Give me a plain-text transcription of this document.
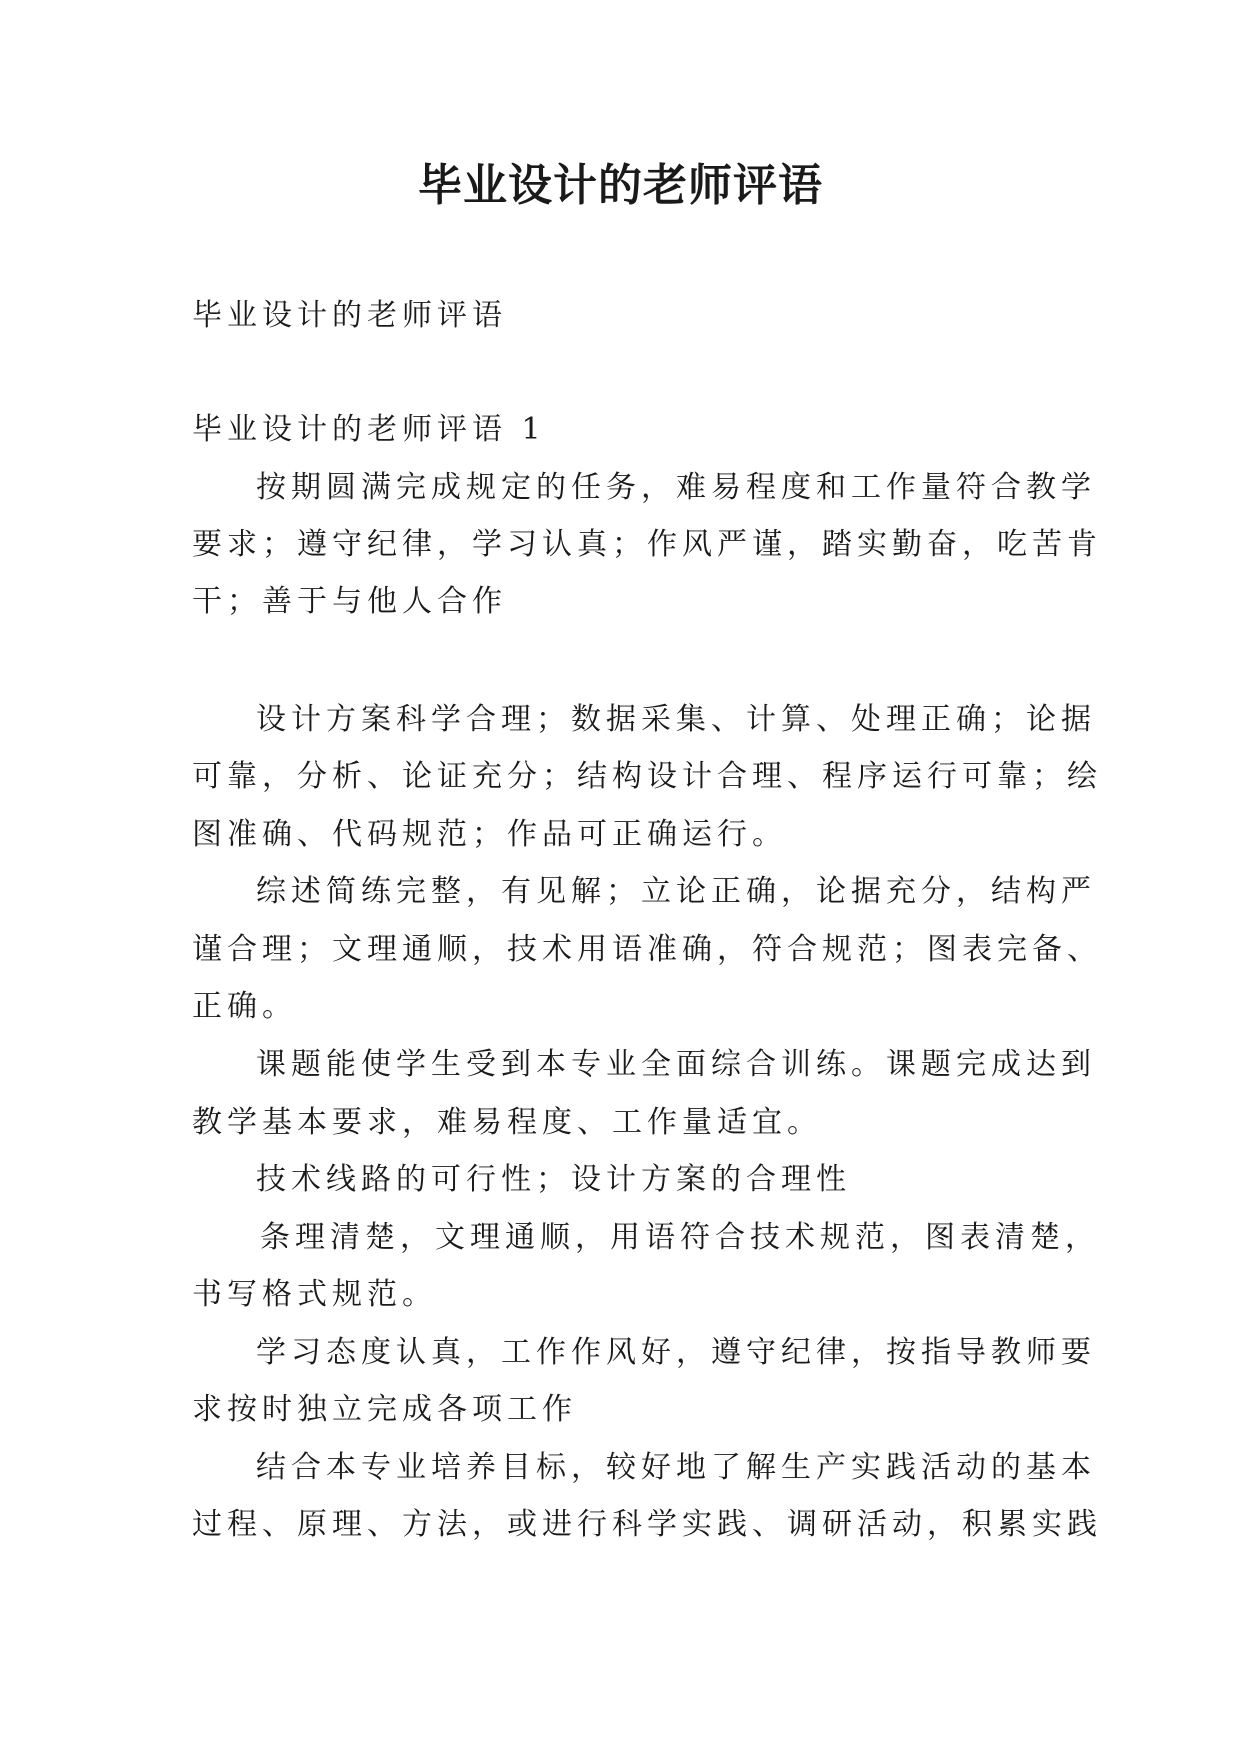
毕业设计的老师评语
毕业设计的老师评语
毕业设计的老师评语 1
按期圆满完成规定的任务，难易程度和工作量符合教学
要求；遵守纪律，学习认真；作风严谨，踏实勤奋，吃苦肯
干；善于与他人合作
设计方案科学合理；数据采集、计算、处理正确；论据
可靠，分析、论证充分；结构设计合理、程序运行可靠；绘
图准确、代码规范；作品可正确运行。
综述简练完整，有见解；立论正确，论据充分，结构严
谨合理；文理通顺，技术用语准确，符合规范；图表完备、
正确。
课题能使学生受到本专业全面综合训练。课题完成达到
教学基本要求，难易程度、工作量适宜。
技术线路的可行性；设计方案的合理性
条理清楚，文理通顺，用语符合技术规范，图表清楚，
书写格式规范。
学习态度认真，工作作风好，遵守纪律，按指导教师要
求按时独立完成各项工作
结合本专业培养目标，较好地了解生产实践活动的基本
过程、原理、方法，或进行科学实践、调研活动，积累实践
